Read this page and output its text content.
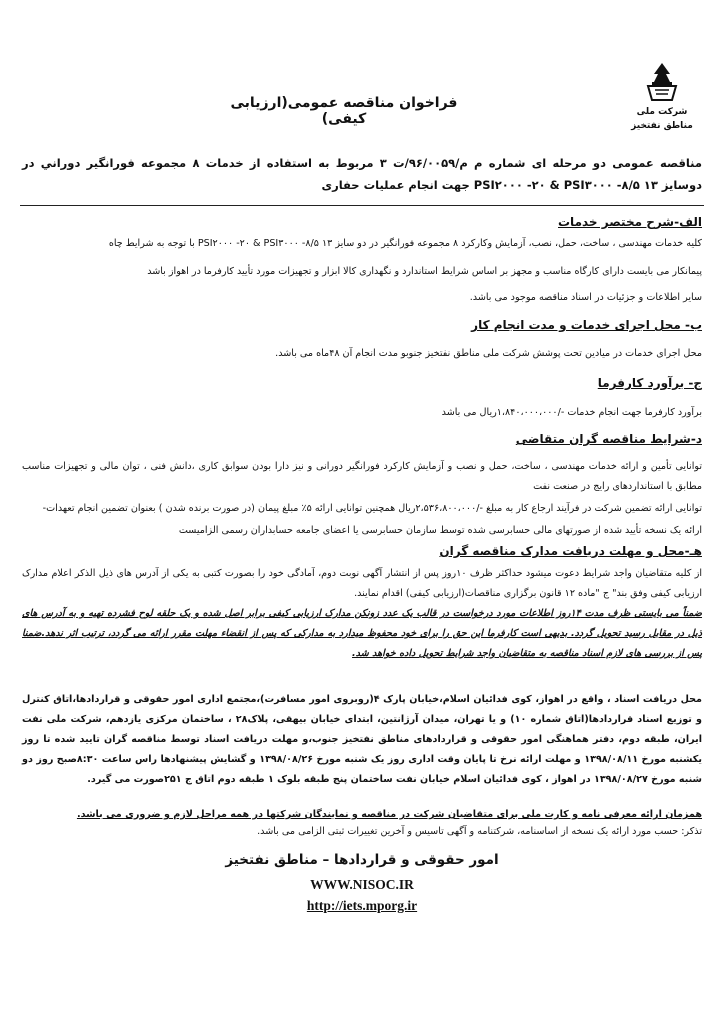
شرکت ملی
مناطق نفتخیز
فراخوان مناقصه عمومی(ارزیابی کیفی)
مناقصه عمومی دو مرحله ای شماره م م/۹۶/۰۰۵۹/ت ۳ مربوط به استفاده از خدمات ۸ مجموعه فورانگیر دوراني در دوسايز PSI۲۰۰۰ -۲۰ & PSI۳۰۰۰ -۸/۵ ۱۳ جهت انجام عملیات حفاری
الف-شرح مختصر خدمات
کلیه خدمات مهندسی ، ساخت، حمل، نصب، آزمایش وکارکرد ۸ مجموعه فورانگیر در دو سایز PSI۲۰۰۰ -۲۰ & PSI۳۰۰۰ -۸/۵ ۱۳ با توجه به شرایط چاه
پیمانکار می بایست دارای کارگاه مناسب و مجهز بر اساس شرایط استاندارد و نگهداری کالا ابزار و تجهیزات مورد تأیید کارفرما در اهواز باشد
سایر اطلاعات و جزئیات در اسناد مناقصه موجود می باشد.
ب- محل اجرای خدمات و مدت انجام کار
محل اجرای خدمات در میادین تحت پوشش شرکت ملی مناطق نفتخیز جنوبو مدت انجام آن ۴۸ماه می باشد.
ج- برآورد کارفرما
برآورد کارفرما جهت انجام خدمات -/۱،۸۴۰،۰۰۰،۰۰۰ریال می باشد
د-شرایط مناقصه گران متقاضی
توانایی تأمین و ارائه خدمات مهندسی ، ساخت، حمل و نصب و آزمایش کارکرد فورانگیر دورانی و نیز دارا بودن سوابق کاری ،دانش فنی ، توان مالی و تجهیزات مناسب مطابق با استانداردهای رایج در صنعت نفت
توانایی ارائه تضمین شرکت در فرآیند ارجاع کار به مبلغ -/۲،۵۳۶،۸۰۰،۰۰۰ریال همچنین توانایی ارائه ۵٪ مبلغ پیمان (در صورت برنده شدن ) بعنوان تضمین انجام تعهدات-
ارائه یک نسخه تأیید شده از صورتهای مالی حسابرسی شده توسط سازمان حسابرسی یا اعضای جامعه حسابداران رسمی الزامیست
هـ-محل و مهلت دریافت مدارک مناقصه گران
از کلیه متقاضیان واجد شرایط دعوت میشود حداکثر ظرف ۱۰روز پس از انتشار آگهی نوبت دوم، آمادگی خود را بصورت کتبی به یکی از آدرس های ذیل الذکر اعلام مدارک ارزیابی کیفی وفق بند" ج "ماده ۱۲ قانون برگزاری مناقصات(ارزیابی کیفی) اقدام نمایند.
ضمناً می بایستی ظرف مدت ۱۴روز اطلاعات مورد درخواست در قالب یک عدد زونکن مدارک ارزیابی کیفی برابر اصل شده و یک حلقه لوح فشرده تهیه و به آدرس های ذیل در مقابل رسید تحویل گردد. بدیهی است کارفرما این حق را برای خود محفوظ میدارد به مدارکی که پس از انقضاء مهلت مقرر ارائه می گردد، ترتیب اثر ندهد.ضمنا پس از بررسی های لازم اسناد مناقصه به متقاضیان واجد شرایط تحویل داده خواهد شد.
محل دریافت اسناد ، واقع در اهواز، کوی فدائیان اسلام،خیابان پارک ۴(روبروی امور مسافرت)،مجتمع اداری امور حقوقی و قراردادها،اتاق کنترل و توزیع اسناد قراردادها(اتاق شماره ۱۰) و یا تهران، میدان آرژانتین، ابتدای خیابان بیهقی، پلاک۲۸ ، ساختمان مرکزی یازدهم، شرکت ملی نفت ایران، طبقه دوم، دفتر هماهنگی امور حقوقی و قراردادهای مناطق نفتخیز جنوب،و مهلت دریافت اسناد توسط مناقصه گران تایید شده تا روز یکشنبه مورخ ۱۳۹۸/۰۸/۱۱ و مهلت ارائه نرخ تا پایان وقت اداری روز یک شنبه مورخ ۱۳۹۸/۰۸/۲۶ و گشایش پیشنهادها راس ساعت ۸:۳۰صبح روز دو شنبه مورخ ۱۳۹۸/۰۸/۲۷ در اهواز ، کوی فدائیان اسلام خیابان نفت ساختمان پنج طبقه بلوک ۱ طبقه دوم اتاق ج ۲۵۱صورت می گیرد.
همزمان ارائه معرفی نامه و کارت ملی برای متقاضیان شرکت در مناقصه و نمایندگان شرکتها در همه مراحل لازم و ضروری می باشد.
تذکر: حسب مورد ارائه یک نسخه از اساسنامه، شرکتنامه و آگهی تاسیس و آخرین تغییرات ثبتی الزامی می باشد.
امور حقوقی و قراردادها – مناطق نفتخیز
WWW.NISOC.IR
http://iets.mporg.ir
